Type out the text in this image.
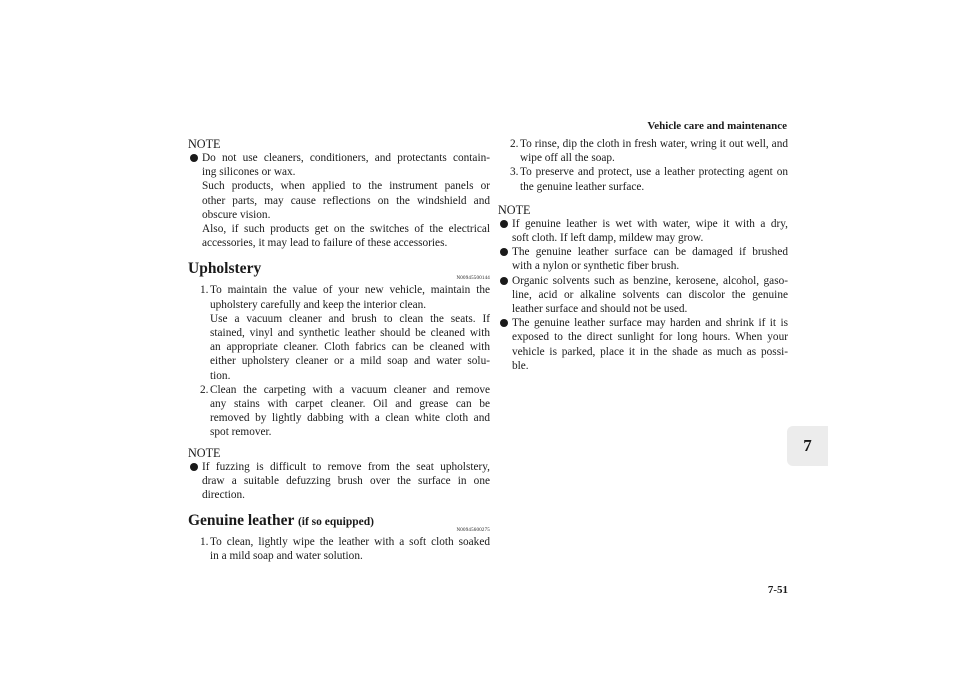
Vehicle care and maintenance
NOTE
Do not use cleaners, conditioners, and protectants contain-
ing silicones or wax.
Such products, when applied to the instrument panels or
other parts, may cause reflections on the windshield and
obscure vision.
Also, if such products get on the switches of the electrical
accessories, it may lead to failure of these accessories.
Upholstery
N00945500144
1. To maintain the value of your new vehicle, maintain the
upholstery carefully and keep the interior clean.
Use a vacuum cleaner and brush to clean the seats. If
stained, vinyl and synthetic leather should be cleaned with
an appropriate cleaner. Cloth fabrics can be cleaned with
either upholstery cleaner or a mild soap and water solu-
tion.
2. Clean the carpeting with a vacuum cleaner and remove
any stains with carpet cleaner. Oil and grease can be
removed by lightly dabbing with a clean white cloth and
spot remover.
NOTE
If fuzzing is difficult to remove from the seat upholstery,
draw a suitable defuzzing brush over the surface in one
direction.
Genuine leather (if so equipped)
N00945600275
1. To clean, lightly wipe the leather with a soft cloth soaked
in a mild soap and water solution.
2. To rinse, dip the cloth in fresh water, wring it out well, and
wipe off all the soap.
3. To preserve and protect, use a leather protecting agent on
the genuine leather surface.
NOTE
If genuine leather is wet with water, wipe it with a dry,
soft cloth. If left damp, mildew may grow.
The genuine leather surface can be damaged if brushed
with a nylon or synthetic fiber brush.
Organic solvents such as benzine, kerosene, alcohol, gaso-
line, acid or alkaline solvents can discolor the genuine
leather surface and should not be used.
The genuine leather surface may harden and shrink if it is
exposed to the direct sunlight for long hours. When your
vehicle is parked, place it in the shade as much as possi-
ble.
7
7-51
